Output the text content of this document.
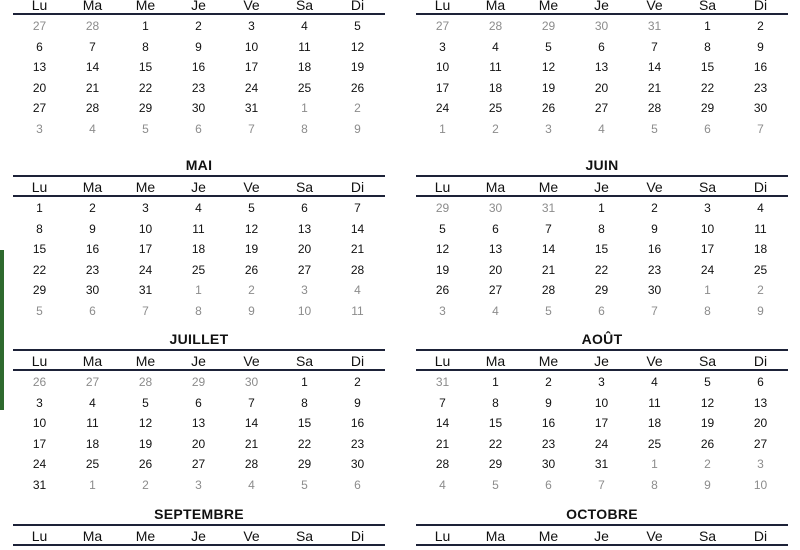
Lu	Ma	Me	Je	Ve	Sa	Di
27	28	1	2	3	4	5
6	7	8	9	10	11	12
13	14	15	16	17	18	19
20	21	22	23	24	25	26
27	28	29	30	31	1	2
3	4	5	6	7	8	9
Lu	Ma	Me	Je	Ve	Sa	Di
27	28	29	30	31	1	2
3	4	5	6	7	8	9
10	11	12	13	14	15	16
17	18	19	20	21	22	23
24	25	26	27	28	29	30
1	2	3	4	5	6	7
MAI
Lu	Ma	Me	Je	Ve	Sa	Di
1	2	3	4	5	6	7
8	9	10	11	12	13	14
15	16	17	18	19	20	21
22	23	24	25	26	27	28
29	30	31	1	2	3	4
5	6	7	8	9	10	11
JUIN
Lu	Ma	Me	Je	Ve	Sa	Di
29	30	31	1	2	3	4
5	6	7	8	9	10	11
12	13	14	15	16	17	18
19	20	21	22	23	24	25
26	27	28	29	30	1	2
3	4	5	6	7	8	9
JUILLET
Lu	Ma	Me	Je	Ve	Sa	Di
26	27	28	29	30	1	2
3	4	5	6	7	8	9
10	11	12	13	14	15	16
17	18	19	20	21	22	23
24	25	26	27	28	29	30
31	1	2	3	4	5	6
AOÛT
Lu	Ma	Me	Je	Ve	Sa	Di
31	1	2	3	4	5	6
7	8	9	10	11	12	13
14	15	16	17	18	19	20
21	22	23	24	25	26	27
28	29	30	31	1	2	3
4	5	6	7	8	9	10
SEPTEMBRE
Lu	Ma	Me	Je	Ve	Sa	Di
OCTOBRE
Lu	Ma	Me	Je	Ve	Sa	Di
